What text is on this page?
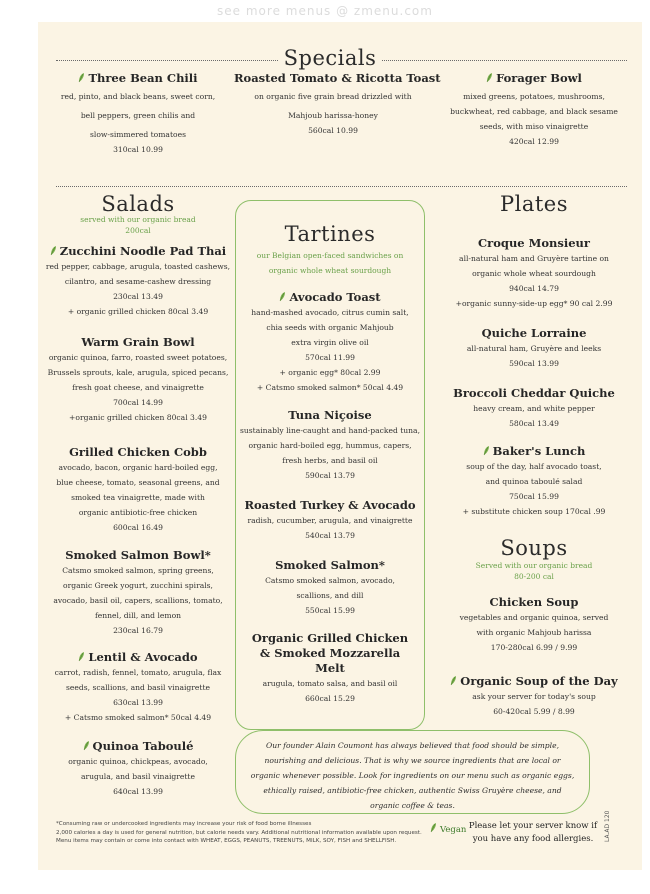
see more menus @ zmenu.com
Specials
Three Bean Chili
red, pinto, and black beans, sweet corn,
bell peppers, green chilis and
slow-simmered tomatoes
310cal 10.99
Roasted Tomato & Ricotta Toast
on organic five grain bread drizzled with
Mahjoub harissa-honey
560cal 10.99
Forager Bowl
mixed greens, potatoes, mushrooms,
buckwheat, red cabbage, and black sesame
seeds, with miso vinaigrette
420cal 12.99
Salads
served with our organic bread
200cal
Zucchini Noodle Pad Thai
red pepper, cabbage, arugula, toasted cashews,
cilantro, and sesame-cashew dressing
230cal 13.49
+ organic grilled chicken 80cal 3.49
Warm Grain Bowl
organic quinoa, farro, roasted sweet potatoes,
Brussels sprouts, kale, arugula, spiced pecans,
fresh goat cheese, and vinaigrette
700cal 14.99
+organic grilled chicken 80cal 3.49
Grilled Chicken Cobb
avocado, bacon, organic hard-boiled egg,
blue cheese, tomato, seasonal greens, and
smoked tea vinaigrette, made with
organic antibiotic-free chicken
600cal 16.49
Smoked Salmon Bowl*
Catsmo smoked salmon, spring greens,
organic Greek yogurt, zucchini spirals,
avocado, basil oil, capers, scallions, tomato,
fennel, dill, and lemon
230cal 16.79
Lentil & Avocado
carrot, radish, fennel, tomato, arugula, flax
seeds, scallions, and basil vinaigrette
630cal 13.99
+ Catsmo smoked salmon* 50cal 4.49
Quinoa Taboulé
organic quinoa, chickpeas, avocado,
arugula, and basil vinaigrette
640cal 13.99
Tartines
our Belgian open-faced sandwiches on organic whole wheat sourdough
Avocado Toast
hand-mashed avocado, citrus cumin salt,
chia seeds with organic Mahjoub
extra virgin olive oil
570cal 11.99
+ organic egg* 80cal 2.99
+ Catsmo smoked salmon* 50cal 4.49
Tuna Niçoise
sustainably line-caught and hand-packed tuna,
organic hard-boiled egg, hummus, capers,
fresh herbs, and basil oil
590cal 13.79
Roasted Turkey & Avocado
radish, cucumber, arugula, and vinaigrette
540cal 13.79
Smoked Salmon*
Catsmo smoked salmon, avocado,
scallions, and dill
550cal 15.99
Organic Grilled Chicken & Smoked Mozzarella Melt
arugula, tomato salsa, and basil oil
660cal 15.29
Plates
Croque Monsieur
all-natural ham and Gruyère tartine on
organic whole wheat sourdough
940cal 14.79
+organic sunny-side-up egg* 90 cal 2.99
Quiche Lorraine
all-natural ham, Gruyère and leeks
590cal 13.99
Broccoli Cheddar Quiche
heavy cream, and white pepper
580cal 13.49
Baker's Lunch
soup of the day, half avocado toast,
and quinoa taboulé salad
750cal 15.99
+ substitute chicken soup 170cal .99
Soups
Served with our organic bread
80-200 cal
Chicken Soup
vegetables and organic quinoa, served
with organic Mahjoub harissa
170-280cal 6.99 / 9.99
Organic Soup of the Day
ask your server for today's soup
60-420cal 5.99 / 8.99
Our founder Alain Coumont has always believed that food should be simple, nourishing and delicious. That is why we source ingredients that are local or organic whenever possible. Look for ingredients on our menu such as organic eggs, ethically raised, antibiotic-free chicken, authentic Swiss Gruyère cheese, and organic coffee & teas.
*Consuming raw or undercooked ingredients may increase your risk of food borne illnesses
2,000 calories a day is used for general nutrition, but calorie needs vary. Additional nutritional information available upon request.
Menu items may contain or come into contact with WHEAT, EGGS, PEANUTS, TREENUTS, MILK, SOY, FISH and SHELLFISH.
Vegan Please let your server know if you have any food allergies.	LA.AD 120
